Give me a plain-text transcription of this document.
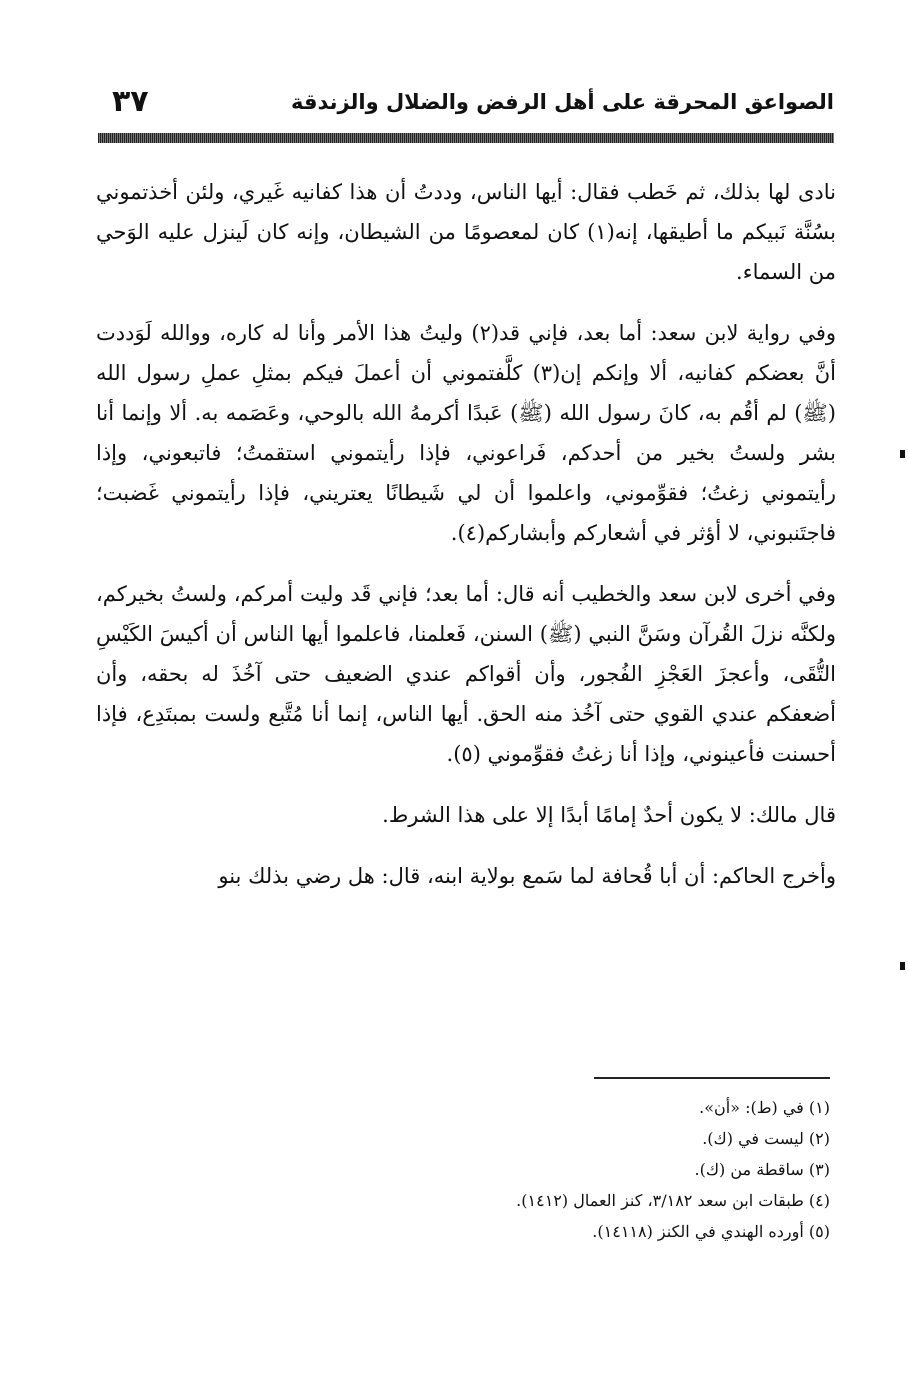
الصواعق المحرقة على أهل الرفض والضلال والزندقة
٣٧

نادى لها بذلك، ثم خَطب فقال: أيها الناس، وددتُ أن هذا كفانيه غَيري، ولئن أخذتموني بسُنَّة نَبيكم ما أطيقها، إنه(١) كان لمعصومًا من الشيطان، وإنه كان لَينزل عليه الوَحي من السماء.

وفي رواية لابن سعد: أما بعد، فإني قد(٢) وليتُ هذا الأمر وأنا له كاره، ووالله لَوَددت أنَّ بعضكم كفانيه، ألا وإنكم إن(٣) كلَّفتموني أن أعملَ فيكم بمثلِ عملِ رسول الله (ﷺ) لم أقُم به، كانَ رسول الله (ﷺ) عَبدًا أكرمهُ الله بالوحي، وعَصَمه به. ألا وإنما أنا بشر ولستُ بخير من أحدكم، فَراعوني، فإذا رأيتموني استقمتُ؛ فاتبعوني، وإذا رأيتموني زغتُ؛ فقوِّموني، واعلموا أن لي شَيطانًا يعتريني، فإذا رأيتموني غَضبت؛ فاجتَنبوني، لا أؤثر في أشعاركم وأبشاركم(٤).

وفي أخرى لابن سعد والخطيب أنه قال: أما بعد؛ فإني قَد وليت أمركم، ولستُ بخيركم، ولكنَّه نزلَ القُرآن وسَنَّ النبي (ﷺ) السنن، فَعلمنا، فاعلموا أيها الناس أن أكيسَ الكَيْسِ التُّقَى، وأعجزَ العَجْزِ الفُجور، وأن أقواكم عندي الضعيف حتى آخُذَ له بحقه، وأن أضعفكم عندي القوي حتى آخُذ منه الحق. أيها الناس، إنما أنا مُتَّبع ولست بمبتَدِع، فإذا أحسنت فأعينوني، وإذا أنا زغتُ فقوِّموني (٥).

قال مالك: لا يكون أحدٌ إمامًا أبدًا إلا على هذا الشرط.

وأخرج الحاكم: أن أبا قُحافة لما سَمع بولاية ابنه، قال: هل رضي بذلك بنو

(١) في (ط): «أن».

(٢) ليست في (ك).

(٣) ساقطة من (ك).

(٤) طبقات ابن سعد ٣/١٨٢، كنز العمال (١٤١٢).

(٥) أورده الهندي في الكنز (١٤١١٨).
